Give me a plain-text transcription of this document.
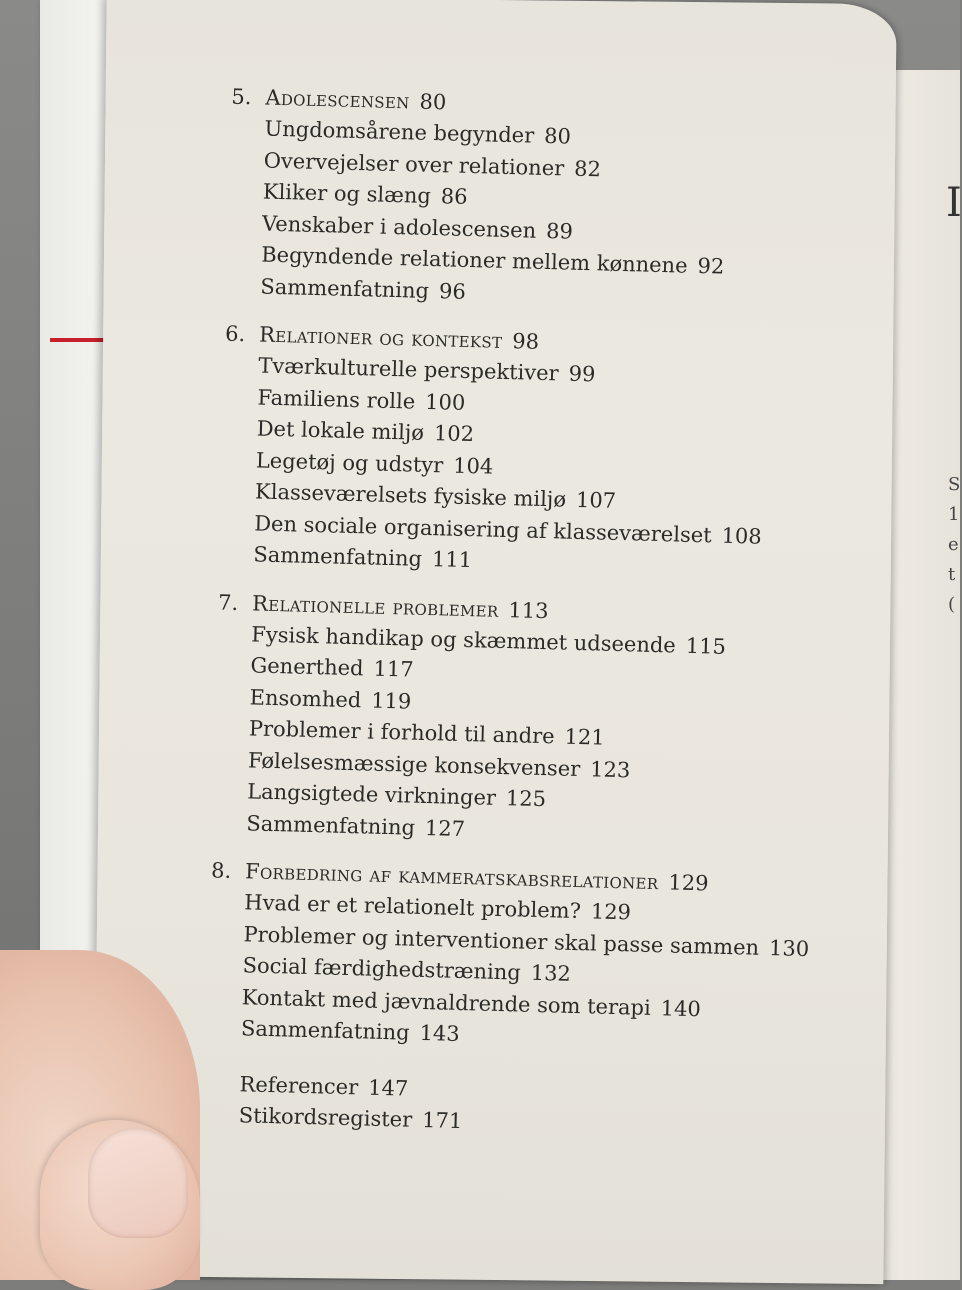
I
S
1
e
t
(
5. Adolescensen 80
Ungdomsårene begynder 80
Overvejelser over relationer 82
Kliker og slæng 86
Venskaber i adolescensen 89
Begyndende relationer mellem kønnene 92
Sammenfatning 96
6. Relationer og kontekst 98
Tværkulturelle perspektiver 99
Familiens rolle 100
Det lokale miljø 102
Legetøj og udstyr 104
Klasseværelsets fysiske miljø 107
Den sociale organisering af klasseværelset 108
Sammenfatning 111
7. Relationelle problemer 113
Fysisk handikap og skæmmet udseende 115
Generthed 117
Ensomhed 119
Problemer i forhold til andre 121
Følelsesmæssige konsekvenser 123
Langsigtede virkninger 125
Sammenfatning 127
8. Forbedring af kammeratskabsrelationer 129
Hvad er et relationelt problem? 129
Problemer og interventioner skal passe sammen 130
Social færdighedstræning 132
Kontakt med jævnaldrende som terapi 140
Sammenfatning 143
Referencer 147
Stikordsregister 171
